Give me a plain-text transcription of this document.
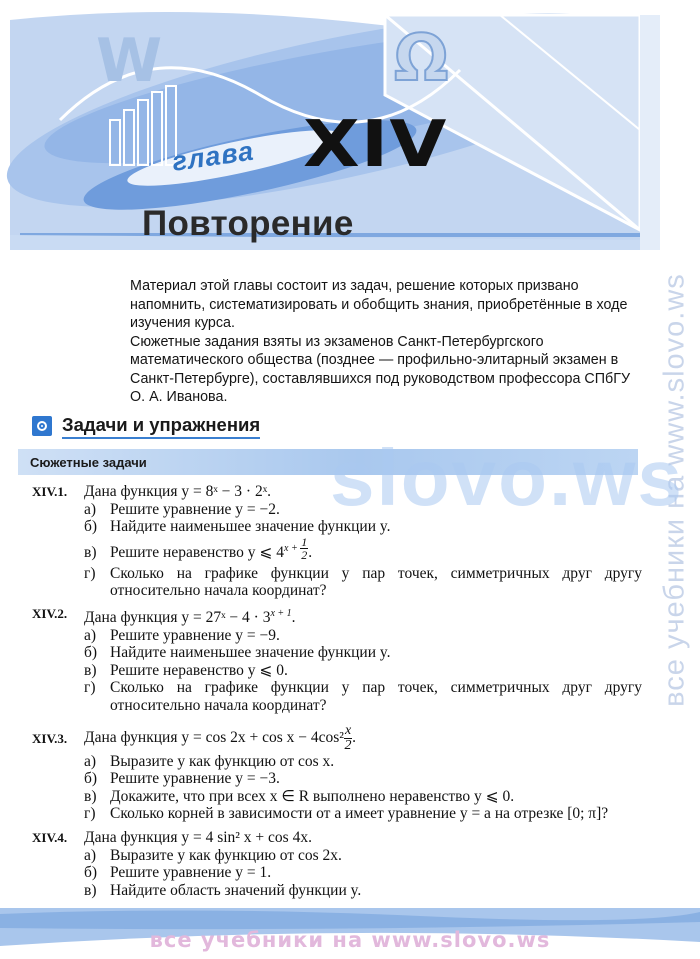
W	Ω
глава XIV
Повторение
все учебники на www.slovo.ws

Материал этой главы состоит из задач, решение которых призвано напомнить, систематизировать и обобщить знания, приобретённые в ходе изучения курса.

Сюжетные задания взяты из экзаменов Санкт-Петербургского математического общества (позднее — профильно-элитарный экзамен в Санкт-Петербурге), составлявшихся под руководством профессора СПбГУ О. А. Иванова.

Задачи и упражнения
Сюжетные задачи slovo.ws
XIV.1.	Дана функция y = 8ˣ − 3 · 2ˣ.
а) Решите уравнение y = −2.
б) Найдите наименьшее значение функции y.
в) Решите неравенство y ⩽ $4^{x + \frac{1}{2}}$ .
г) Сколько на графике функции y пар точек, симметричных друг другу относительно начала координат?
XIV.2.	Дана функция y = 27ˣ − $4 \cdot 3^{x + 1}$.
а) Решите уравнение y = −9.
б) Найдите наименьшее значение функции y.
в) Решите неравенство y ⩽ 0.
г) Сколько на графике функции y пар точек, симметричных друг другу относительно начала координат?
XIV.3.	Дана функция $y = \cos 2x + \cos x - 4\cos^2 \frac{x}{2}$ .
а) Выразите y как функцию от cos x.
б) Решите уравнение y = −3.
в) Докажите, что при всех x ∈ R выполнено неравенство y ⩽ 0.
г) Сколько корней в зависимости от a имеет уравнение y = a на отрезке [0; π]?
XIV.4.	Дана функция y = 4 sin² x + cos 4x.
а) Выразите y как функцию от cos 2x.
б) Решите уравнение y = 1.
в) Найдите область значений функции y.
все учебники на www.slovo.ws
